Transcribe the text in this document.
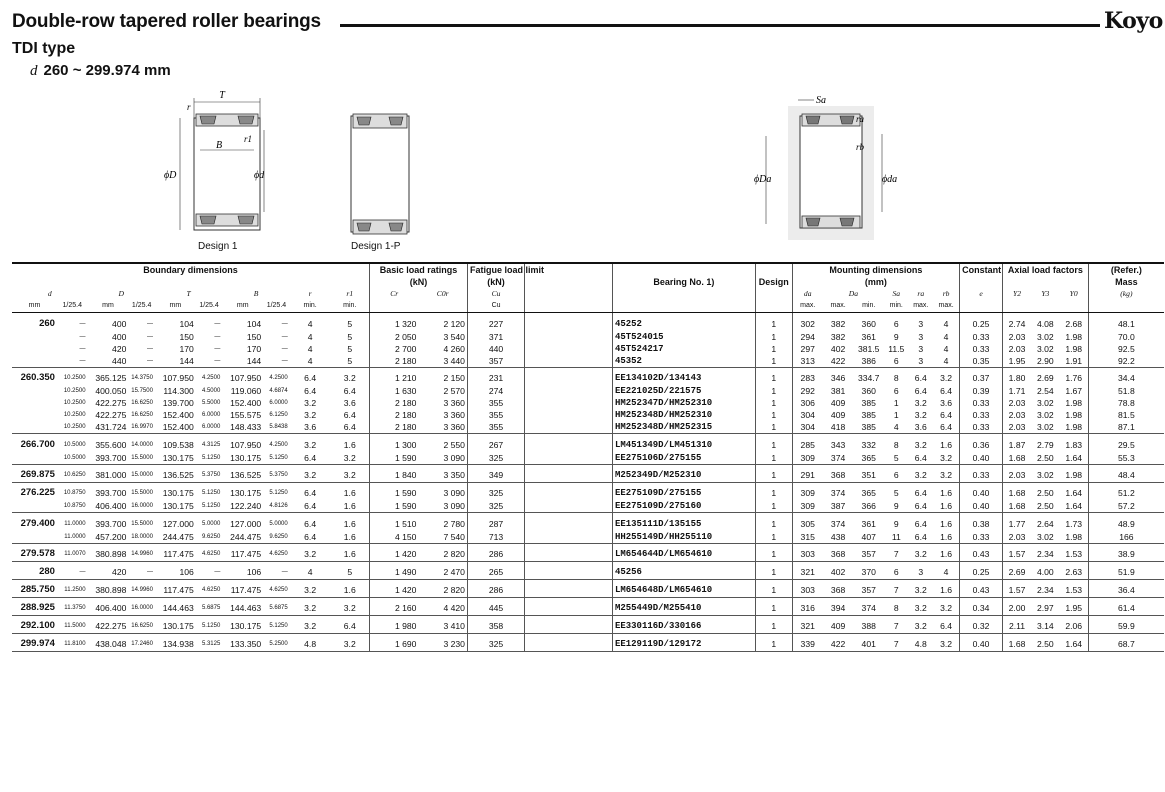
Double-row tapered roller bearings	Koyo
TDI type
d 260 ~ 299.974 mm
T
r
r1
B
ϕD	ϕd
Design 1	Design 1-P
Sa
ra
rb
ϕDa	ϕda
Boundary dimensions										Basic load ratings		Fatigue load limit				Mounting dimensions						Constant	Axial load factors			(Refer.)
										(kN)		(kN)		Bearing No. 1)	Design	(mm)										Mass
d		D		T		B		r	r1	Cr	C0r	Cu				da	Da		Sa	ra	rb	e	Y2	Y3	Y0	(kg)
mm	1/25.4	mm	1/25.4	mm	1/25.4	mm	1/25.4	min.	min.			Cu				max.	max.	min.	min.	max.	max.					
260	—	400	—	104	—	104	—	4	5	1 320	2 120	227		45252	1	302	382	360	6	3	4	0.25	2.74	4.08	2.68	48.1
	—	400	—	150	—	150	—	4	5	2 050	3 540	371		45T524015	1	294	382	361	9	3	4	0.33	2.03	3.02	1.98	70.0
	—	420	—	170	—	170	—	4	5	2 700	4 260	440		45T524217	1	297	402	381.5	11.5	3	4	0.33	2.03	3.02	1.98	92.5
	—	440	—	144	—	144	—	4	5	2 180	3 440	357		45352	1	313	422	386	6	3	4	0.35	1.95	2.90	1.91	92.2
260.350	10.2500	365.125	14.3750	107.950	4.2500	107.950	4.2500	6.4	3.2	1 210	2 150	231		EE134102D/134143	1	283	346	334.7	8	6.4	3.2	0.37	1.80	2.69	1.76	34.4
	10.2500	400.050	15.7500	114.300	4.5000	119.060	4.6874	6.4	6.4	1 630	2 570	274		EE221025D/221575	1	292	381	360	6	6.4	6.4	0.39	1.71	2.54	1.67	51.8
	10.2500	422.275	16.6250	139.700	5.5000	152.400	6.0000	3.2	3.6	2 180	3 360	355		HM252347D/HM252310	1	306	409	385	1	3.2	3.6	0.33	2.03	3.02	1.98	78.8
	10.2500	422.275	16.6250	152.400	6.0000	155.575	6.1250	3.2	6.4	2 180	3 360	355		HM252348D/HM252310	1	304	409	385	1	3.2	6.4	0.33	2.03	3.02	1.98	81.5
	10.2500	431.724	16.9970	152.400	6.0000	148.433	5.8438	3.6	6.4	2 180	3 360	355		HM252348D/HM252315	1	304	418	385	4	3.6	6.4	0.33	2.03	3.02	1.98	87.1
266.700	10.5000	355.600	14.0000	109.538	4.3125	107.950	4.2500	3.2	1.6	1 300	2 550	267		LM451349D/LM451310	1	285	343	332	8	3.2	1.6	0.36	1.87	2.79	1.83	29.5
	10.5000	393.700	15.5000	130.175	5.1250	130.175	5.1250	6.4	3.2	1 590	3 090	325		EE275106D/275155	1	309	374	365	5	6.4	3.2	0.40	1.68	2.50	1.64	55.3
269.875	10.6250	381.000	15.0000	136.525	5.3750	136.525	5.3750	3.2	3.2	1 840	3 350	349		M252349D/M252310	1	291	368	351	6	3.2	3.2	0.33	2.03	3.02	1.98	48.4
276.225	10.8750	393.700	15.5000	130.175	5.1250	130.175	5.1250	6.4	1.6	1 590	3 090	325		EE275109D/275155	1	309	374	365	5	6.4	1.6	0.40	1.68	2.50	1.64	51.2
	10.8750	406.400	16.0000	130.175	5.1250	122.240	4.8126	6.4	1.6	1 590	3 090	325		EE275109D/275160	1	309	387	366	9	6.4	1.6	0.40	1.68	2.50	1.64	57.2
279.400	11.0000	393.700	15.5000	127.000	5.0000	127.000	5.0000	6.4	1.6	1 510	2 780	287		EE135111D/135155	1	305	374	361	9	6.4	1.6	0.38	1.77	2.64	1.73	48.9
	11.0000	457.200	18.0000	244.475	9.6250	244.475	9.6250	6.4	1.6	4 150	7 540	713		HH255149D/HH255110	1	315	438	407	11	6.4	1.6	0.33	2.03	3.02	1.98	166
279.578	11.0070	380.898	14.9960	117.475	4.6250	117.475	4.6250	3.2	1.6	1 420	2 820	286		LM654644D/LM654610	1	303	368	357	7	3.2	1.6	0.43	1.57	2.34	1.53	38.9
280	—	420	—	106	—	106	—	4	5	1 490	2 470	265		45256	1	321	402	370	6	3	4	0.25	2.69	4.00	2.63	51.9
285.750	11.2500	380.898	14.9960	117.475	4.6250	117.475	4.6250	3.2	1.6	1 420	2 820	286		LM654648D/LM654610	1	303	368	357	7	3.2	1.6	0.43	1.57	2.34	1.53	36.4
288.925	11.3750	406.400	16.0000	144.463	5.6875	144.463	5.6875	3.2	3.2	2 160	4 420	445		M255449D/M255410	1	316	394	374	8	3.2	3.2	0.34	2.00	2.97	1.95	61.4
292.100	11.5000	422.275	16.6250	130.175	5.1250	130.175	5.1250	3.2	6.4	1 980	3 410	358		EE330116D/330166	1	321	409	388	7	3.2	6.4	0.32	2.11	3.14	2.06	59.9
299.974	11.8100	438.048	17.2460	134.938	5.3125	133.350	5.2500	4.8	3.2	1 690	3 230	325		EE129119D/129172	1	339	422	401	7	4.8	3.2	0.40	1.68	2.50	1.64	68.7
